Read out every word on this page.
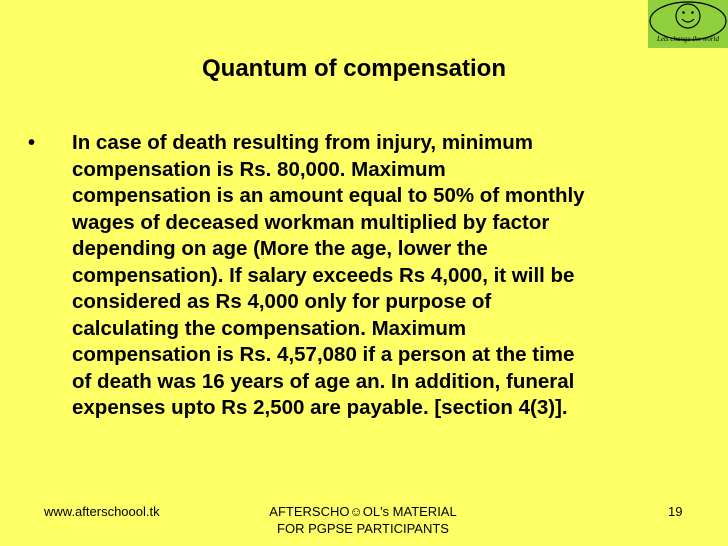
Lets change the world
Quantum of compensation
• In case of death resulting from injury, minimum
compensation is Rs. 80,000. Maximum
compensation is an amount equal to 50% of monthly
wages of deceased workman multiplied by factor
depending on age (More the age, lower the
compensation). If salary exceeds Rs 4,000, it will be
considered as Rs 4,000 only for purpose of
calculating the compensation. Maximum
compensation is Rs. 4,57,080 if a person at the time
of death was 16 years of age an. In addition, funeral
expenses upto Rs 2,500 are payable. [section 4(3)].
www.afterschoool.tk	AFTERSCHO☺OL's MATERIAL
FOR PGPSE PARTICIPANTS
19
